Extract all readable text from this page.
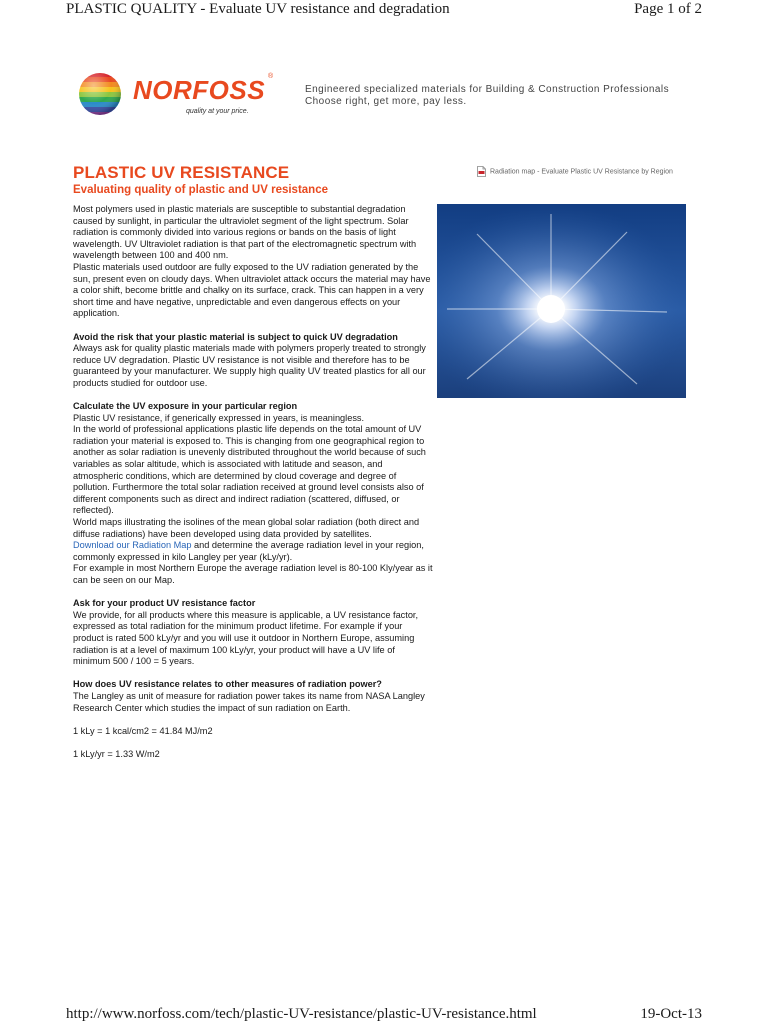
PLASTIC QUALITY - Evaluate UV resistance and degradation	Page 1 of 2
NORFOSS ®
quality at your price.
Engineered specialized materials for Building & Construction Professionals
Choose right, get more, pay less.
PLASTIC UV RESISTANCE
Evaluating quality of plastic and UV resistance
Radiation map - Evaluate Plastic UV Resistance by Region

Most polymers used in plastic materials are susceptible to substantial degradation caused by sunlight, in particular the ultraviolet segment of the light spectrum. Solar radiation is commonly divided into various regions or bands on the basis of light wavelength. UV Ultraviolet radiation is that part of the electromagnetic spectrum with wavelength between 100 and 400 nm.
Plastic materials used outdoor are fully exposed to the UV radiation generated by the sun, present even on cloudy days. When ultraviolet attack occurs the material may have a color shift, become brittle and chalky on its surface, crack. This can happen in a very short time and have negative, unpredictable and even dangerous effects on your application.

Avoid the risk that your plastic material is subject to quick UV degradation
Always ask for quality plastic materials made with polymers properly treated to strongly reduce UV degradation. Plastic UV resistance is not visible and therefore has to be guaranteed by your manufacturer. We supply high quality UV treated plastics for all our products studied for outdoor use.

Calculate the UV exposure in your particular region
Plastic UV resistance, if generically expressed in years, is meaningless.
In the world of professional applications plastic life depends on the total amount of UV radiation your material is exposed to. This is changing from one geographical region to another as solar radiation is unevenly distributed throughout the world because of such variables as solar altitude, which is associated with latitude and season, and atmospheric conditions, which are determined by cloud coverage and degree of pollution. Furthermore the total solar radiation received at ground level consists also of different components such as direct and indirect radiation (scattered, diffused, or reflected).
World maps illustrating the isolines of the mean global solar radiation (both direct and diffuse radiations) have been developed using data provided by satellites.
Download our Radiation Map and determine the average radiation level in your region, commonly expressed in kilo Langley per year (kLy/yr).
For example in most Northern Europe the average radiation level is 80-100 Kly/year as it can be seen on our Map.

Ask for your product UV resistance factor
We provide, for all products where this measure is applicable, a UV resistance factor, expressed as total radiation for the minimum product lifetime. For example if your product is rated 500 kLy/yr and you will use it outdoor in Northern Europe, assuming radiation is at a level of maximum 100 kLy/yr, your product will have a UV life of minimum 500 / 100 = 5 years.

How does UV resistance relates to other measures of radiation power?
The Langley as unit of measure for radiation power takes its name from NASA Langley Research Center which studies the impact of sun radiation on Earth.

1 kLy = 1 kcal/cm2 = 41.84 MJ/m2

1 kLy/yr = 1.33 W/m2

http://www.norfoss.com/tech/plastic-UV-resistance/plastic-UV-resistance.html	19-Oct-13
